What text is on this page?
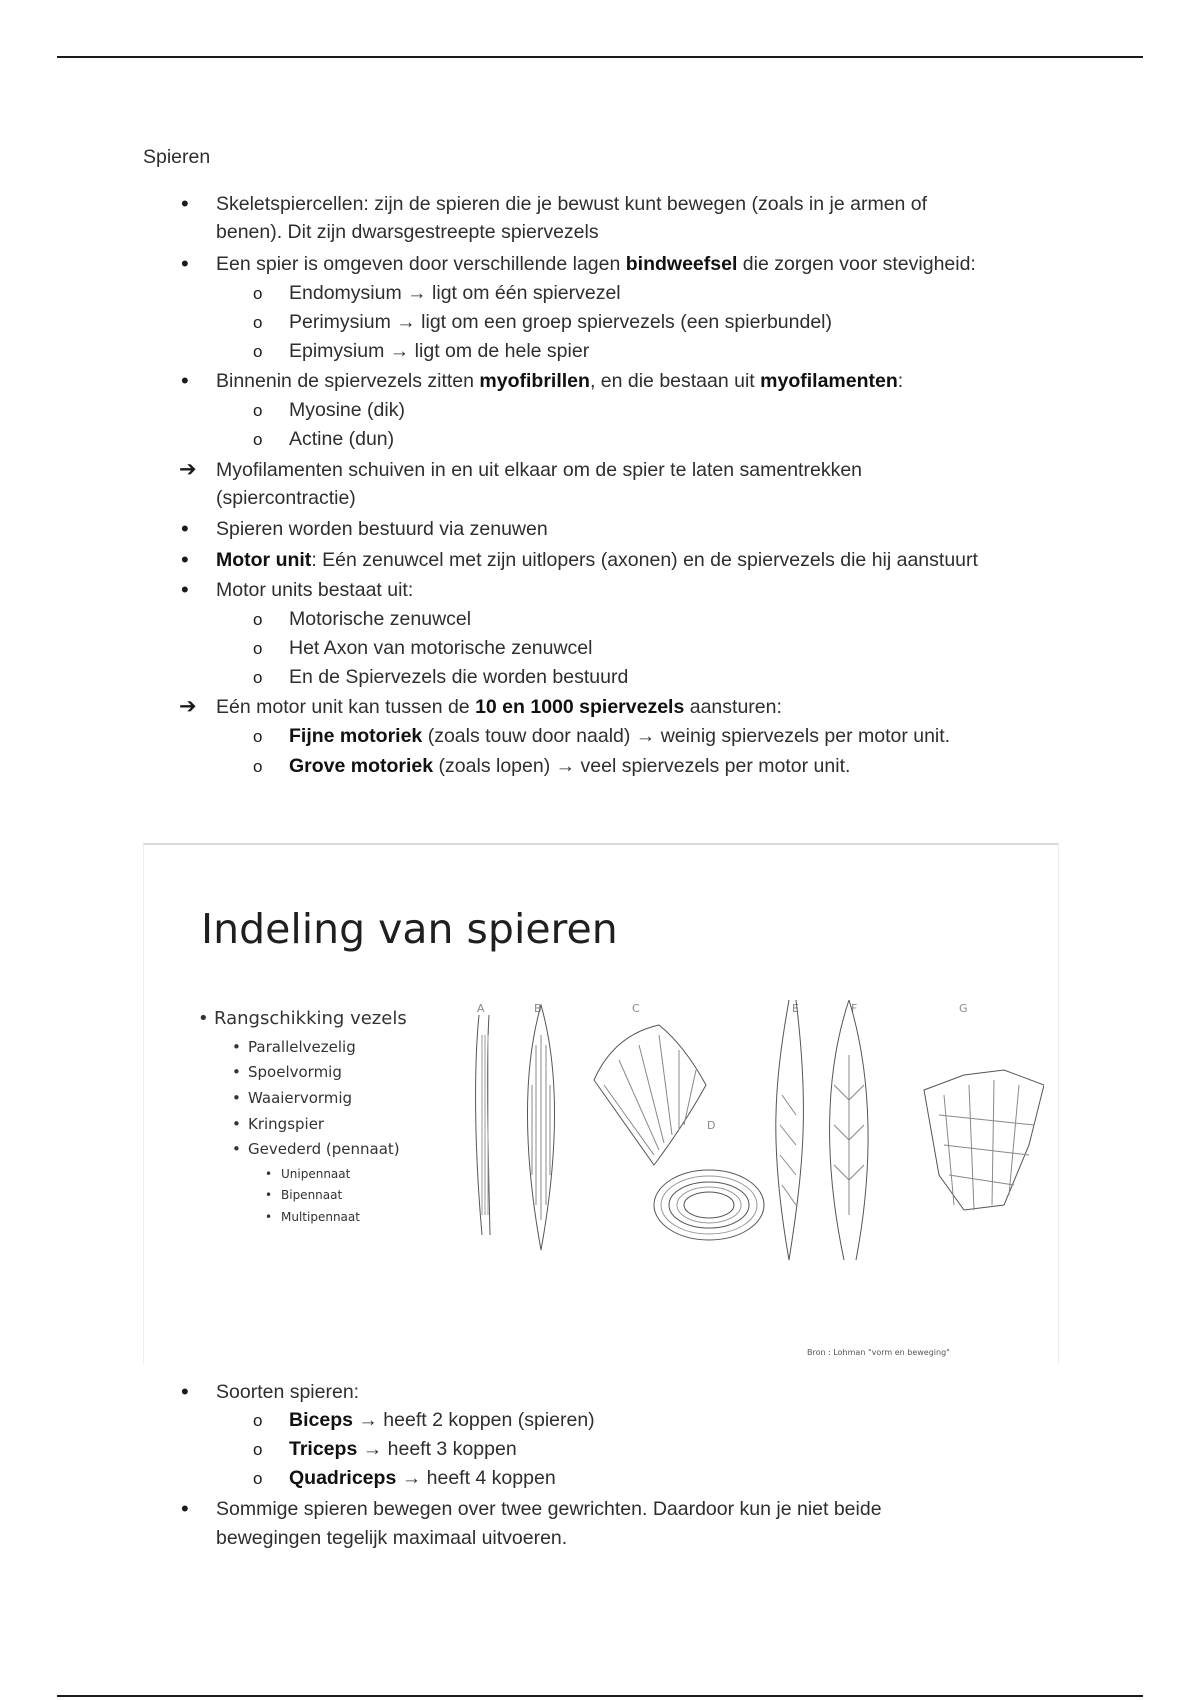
Spieren
• Skeletspiercellen: zijn de spieren die je bewust kunt bewegen (zoals in je armen of
benen). Dit zijn dwarsgestreepte spiervezels
• Een spier is omgeven door verschillende lagen bindweefsel die zorgen voor stevigheid:
o Endomysium → ligt om één spiervezel
o Perimysium → ligt om een groep spiervezels (een spierbundel)
o Epimysium → ligt om de hele spier
• Binnenin de spiervezels zitten myofibrillen, en die bestaan uit myofilamenten:
o Myosine (dik)
o Actine (dun)
➔ Myofilamenten schuiven in en uit elkaar om de spier te laten samentrekken
(spiercontractie)
• Spieren worden bestuurd via zenuwen
• Motor unit: Eén zenuwcel met zijn uitlopers (axonen) en de spiervezels die hij aanstuurt
• Motor units bestaat uit:
o Motorische zenuwcel
o Het Axon van motorische zenuwcel
o En de Spiervezels die worden bestuurd
➔ Eén motor unit kan tussen de 10 en 1000 spiervezels aansturen:
o Fijne motoriek (zoals touw door naald) → weinig spiervezels per motor unit.
o Grove motoriek (zoals lopen) → veel spiervezels per motor unit.
Indeling van spieren
• Rangschikking vezels
• Parallelvezelig
• Spoelvormig
• Waaiervormig
• Kringspier
• Gevederd (pennaat)
• Unipennaat
• Bipennaat
• Multipennaat
A	B	C
D
E	F	G
Bron : Lohman "vorm en beweging"
• Soorten spieren:
o Biceps → heeft 2 koppen (spieren)
o Triceps → heeft 3 koppen
o Quadriceps → heeft 4 koppen
• Sommige spieren bewegen over twee gewrichten. Daardoor kun je niet beide
bewegingen tegelijk maximaal uitvoeren.
